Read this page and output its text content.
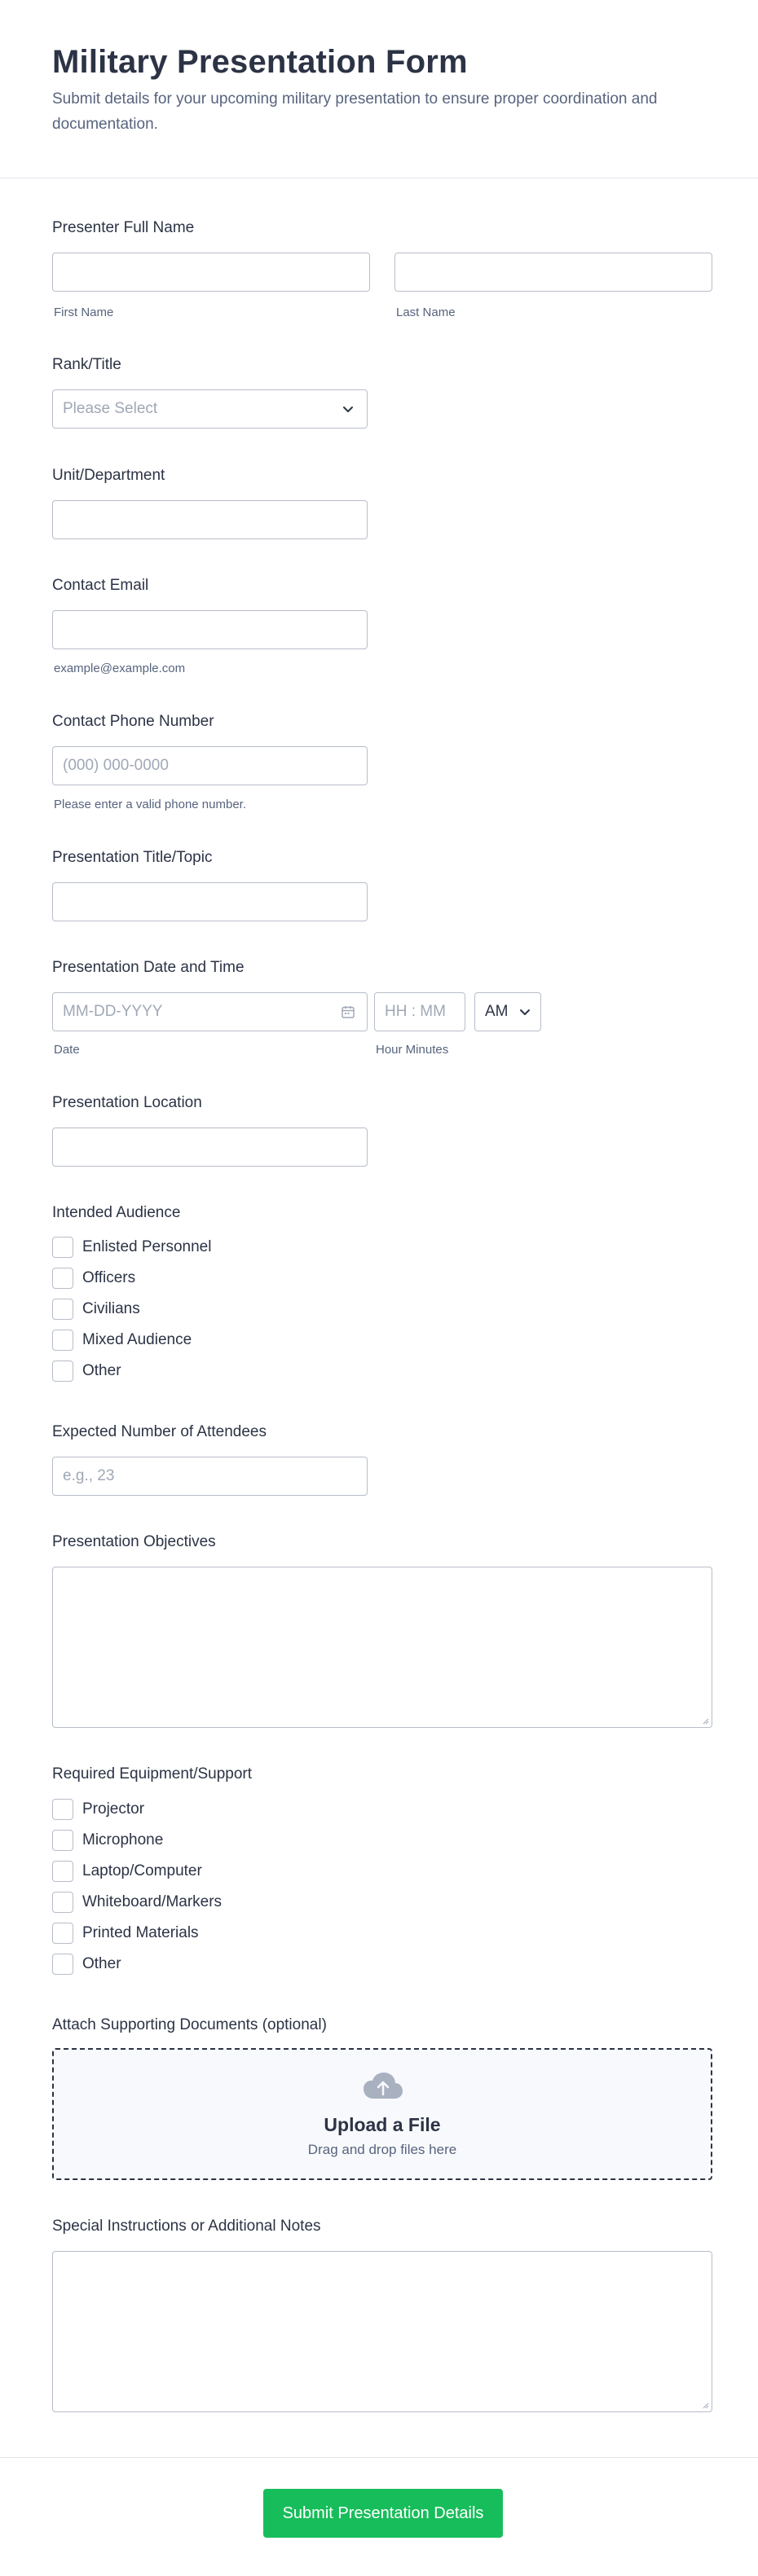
Military Presentation Form

Submit details for your upcoming military presentation to ensure proper coordination and documentation.

Presenter Full Name
First Name	Last Name
Rank/Title
Please Select
Unit/Department
Contact Email
example@example.com
Contact Phone Number
(000) 000-0000
Please enter a valid phone number.
Presentation Title/Topic
Presentation Date and Time
MM-DD-YYYY	HH : MM	AM
Date	Hour Minutes
Presentation Location
Intended Audience
Enlisted Personnel
Officers
Civilians
Mixed Audience
Other
Expected Number of Attendees
e.g., 23
Presentation Objectives
Required Equipment/Support
Projector
Microphone
Laptop/Computer
Whiteboard/Markers
Printed Materials
Other
Attach Supporting Documents (optional)
Upload a File
Drag and drop files here
Special Instructions or Additional Notes
Submit Presentation Details
